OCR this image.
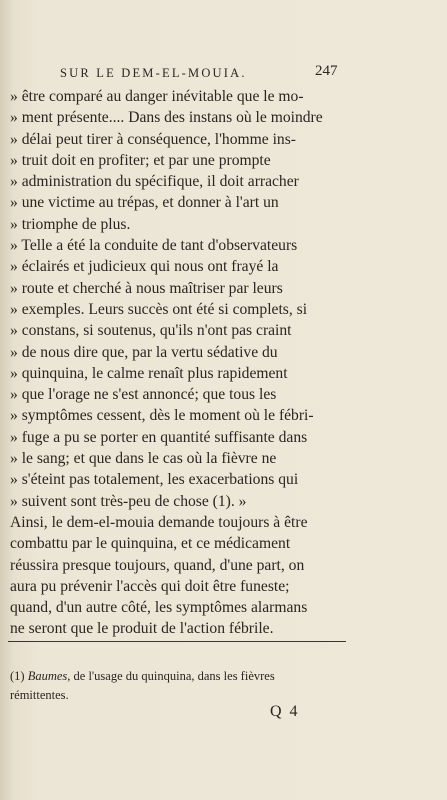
SUR LE DEM-EL-MOUIA.	247
» être comparé au danger inévitable que le mo-
» ment présente.... Dans des instans où le moindre
» délai peut tirer à conséquence, l'homme ins-
» truit doit en profiter; et par une prompte
» administration du spécifique, il doit arracher
» une victime au trépas, et donner à l'art un
» triomphe de plus.
» Telle a été la conduite de tant d'observateurs
» éclairés et judicieux qui nous ont frayé la
» route et cherché à nous maîtriser par leurs
» exemples. Leurs succès ont été si complets, si
» constans, si soutenus, qu'ils n'ont pas craint
» de nous dire que, par la vertu sédative du
» quinquina, le calme renaît plus rapidement
» que l'orage ne s'est annoncé; que tous les
» symptômes cessent, dès le moment où le fébri-
» fuge a pu se porter en quantité suffisante dans
» le sang; et que dans le cas où la fièvre ne
» s'éteint pas totalement, les exacerbations qui
» suivent sont très-peu de chose (1). »
Ainsi, le dem-el-mouia demande toujours à être
combattu par le quinquina, et ce médicament
réussira presque toujours, quand, d'une part, on
aura pu prévenir l'accès qui doit être funeste;
quand, d'un autre côté, les symptômes alarmans
ne seront que le produit de l'action fébrile.
(1) Baumes, de l'usage du quinquina, dans les fièvres
rémittentes.
Q 4
